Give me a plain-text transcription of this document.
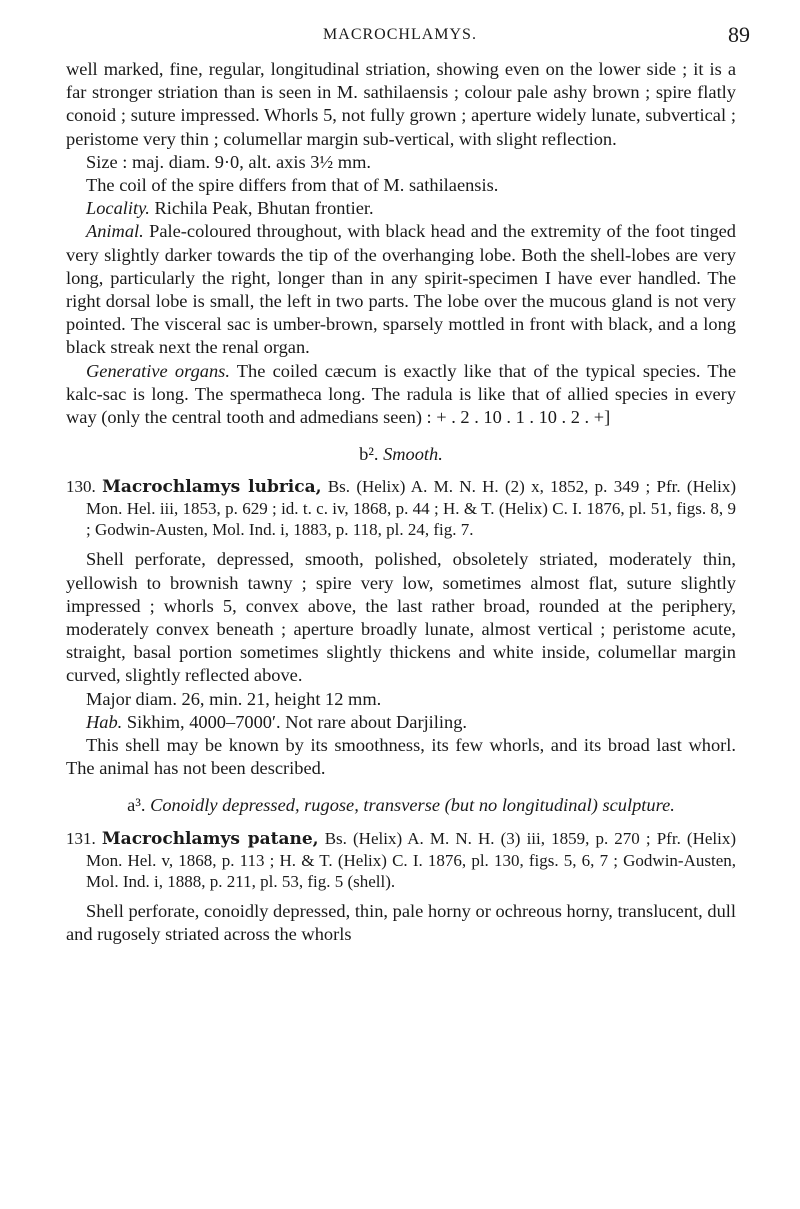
MACROCHLAMYS.	89

well marked, fine, regular, longitudinal striation, showing even on the lower side ; it is a far stronger striation than is seen in M. sathilaensis ; colour pale ashy brown ; spire flatly conoid ; suture impressed. Whorls 5, not fully grown ; aperture widely lunate, subvertical ; peristome very thin ; columellar margin sub-vertical, with slight reflection.

Size : maj. diam. 9·0, alt. axis 3½ mm.

The coil of the spire differs from that of M. sathilaensis.

Locality. Richila Peak, Bhutan frontier.

Animal. Pale-coloured throughout, with black head and the extremity of the foot tinged very slightly darker towards the tip of the overhanging lobe. Both the shell-lobes are very long, particularly the right, longer than in any spirit-specimen I have ever handled. The right dorsal lobe is small, the left in two parts. The lobe over the mucous gland is not very pointed. The visceral sac is umber-brown, sparsely mottled in front with black, and a long black streak next the renal organ.

Generative organs. The coiled cæcum is exactly like that of the typical species. The kalc-sac is long. The spermatheca long. The radula is like that of allied species in every way (only the central tooth and admedians seen) : + . 2 . 10 . 1 . 10 . 2 . +]

b². Smooth.

130. Macrochlamys lubrica, Bs. (Helix) A. M. N. H. (2) x, 1852, p. 349 ; Pfr. (Helix) Mon. Hel. iii, 1853, p. 629 ; id. t. c. iv, 1868, p. 44 ; H. & T. (Helix) C. I. 1876, pl. 51, figs. 8, 9 ; Godwin-Austen, Mol. Ind. i, 1883, p. 118, pl. 24, fig. 7.

Shell perforate, depressed, smooth, polished, obsoletely striated, moderately thin, yellowish to brownish tawny ; spire very low, sometimes almost flat, suture slightly impressed ; whorls 5, convex above, the last rather broad, rounded at the periphery, moderately convex beneath ; aperture broadly lunate, almost vertical ; peristome acute, straight, basal portion sometimes slightly thickens and white inside, columellar margin curved, slightly reflected above.

Major diam. 26, min. 21, height 12 mm.

Hab. Sikhim, 4000–7000′. Not rare about Darjiling.

This shell may be known by its smoothness, its few whorls, and its broad last whorl. The animal has not been described.

a³. Conoidly depressed, rugose, transverse (but no longitudinal) sculpture.

131. Macrochlamys patane, Bs. (Helix) A. M. N. H. (3) iii, 1859, p. 270 ; Pfr. (Helix) Mon. Hel. v, 1868, p. 113 ; H. & T. (Helix) C. I. 1876, pl. 130, figs. 5, 6, 7 ; Godwin-Austen, Mol. Ind. i, 1888, p. 211, pl. 53, fig. 5 (shell).

Shell perforate, conoidly depressed, thin, pale horny or ochreous horny, translucent, dull and rugosely striated across the whorls
